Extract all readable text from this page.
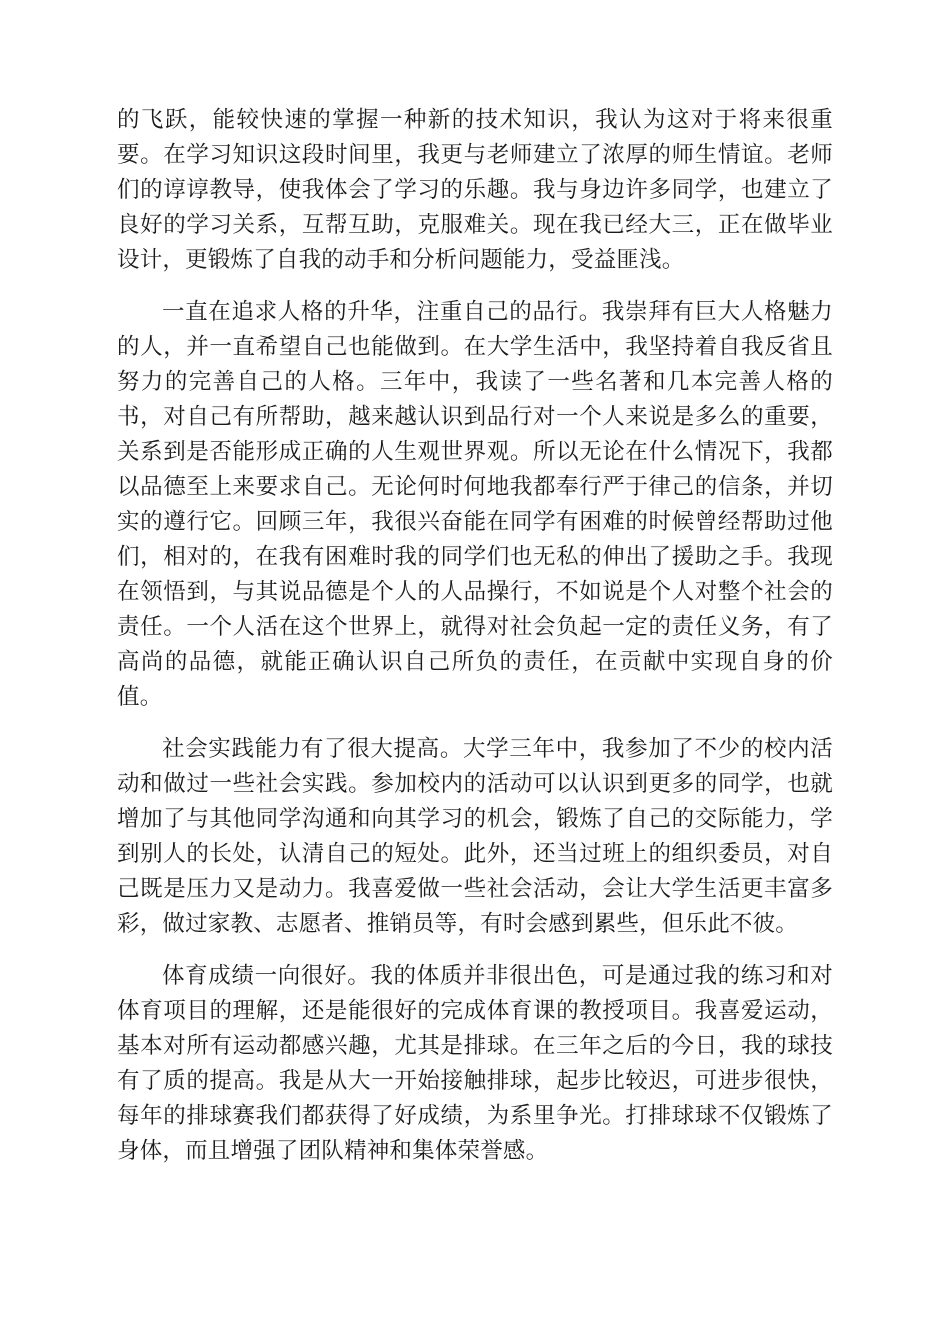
的飞跃，能较快速的掌握一种新的技术知识，我认为这对于将来很重要。在学习知识这段时间里，我更与老师建立了浓厚的师生情谊。老师们的谆谆教导，使我体会了学习的乐趣。我与身边许多同学，也建立了良好的学习关系，互帮互助，克服难关。现在我已经大三，正在做毕业设计，更锻炼了自我的动手和分析问题能力，受益匪浅。

一直在追求人格的升华，注重自己的品行。我崇拜有巨大人格魅力的人，并一直希望自己也能做到。在大学生活中，我坚持着自我反省且努力的完善自己的人格。三年中，我读了一些名著和几本完善人格的书，对自己有所帮助，越来越认识到品行对一个人来说是多么的重要，关系到是否能形成正确的人生观世界观。所以无论在什么情况下，我都以品德至上来要求自己。无论何时何地我都奉行严于律己的信条，并切实的遵行它。回顾三年，我很兴奋能在同学有困难的时候曾经帮助过他们，相对的，在我有困难时我的同学们也无私的伸出了援助之手。我现在领悟到，与其说品德是个人的人品操行，不如说是个人对整个社会的责任。一个人活在这个世界上，就得对社会负起一定的责任义务，有了高尚的品德，就能正确认识自己所负的责任，在贡献中实现自身的价值。

社会实践能力有了很大提高。大学三年中，我参加了不少的校内活动和做过一些社会实践。参加校内的活动可以认识到更多的同学，也就增加了与其他同学沟通和向其学习的机会，锻炼了自己的交际能力，学到别人的长处，认清自己的短处。此外，还当过班上的组织委员，对自己既是压力又是动力。我喜爱做一些社会活动，会让大学生活更丰富多彩，做过家教、志愿者、推销员等，有时会感到累些，但乐此不彼。

体育成绩一向很好。我的体质并非很出色，可是通过我的练习和对体育项目的理解，还是能很好的完成体育课的教授项目。我喜爱运动，基本对所有运动都感兴趣，尤其是排球。在三年之后的今日，我的球技有了质的提高。我是从大一开始接触排球，起步比较迟，可进步很快，每年的排球赛我们都获得了好成绩，为系里争光。打排球球不仅锻炼了身体，而且增强了团队精神和集体荣誉感。
